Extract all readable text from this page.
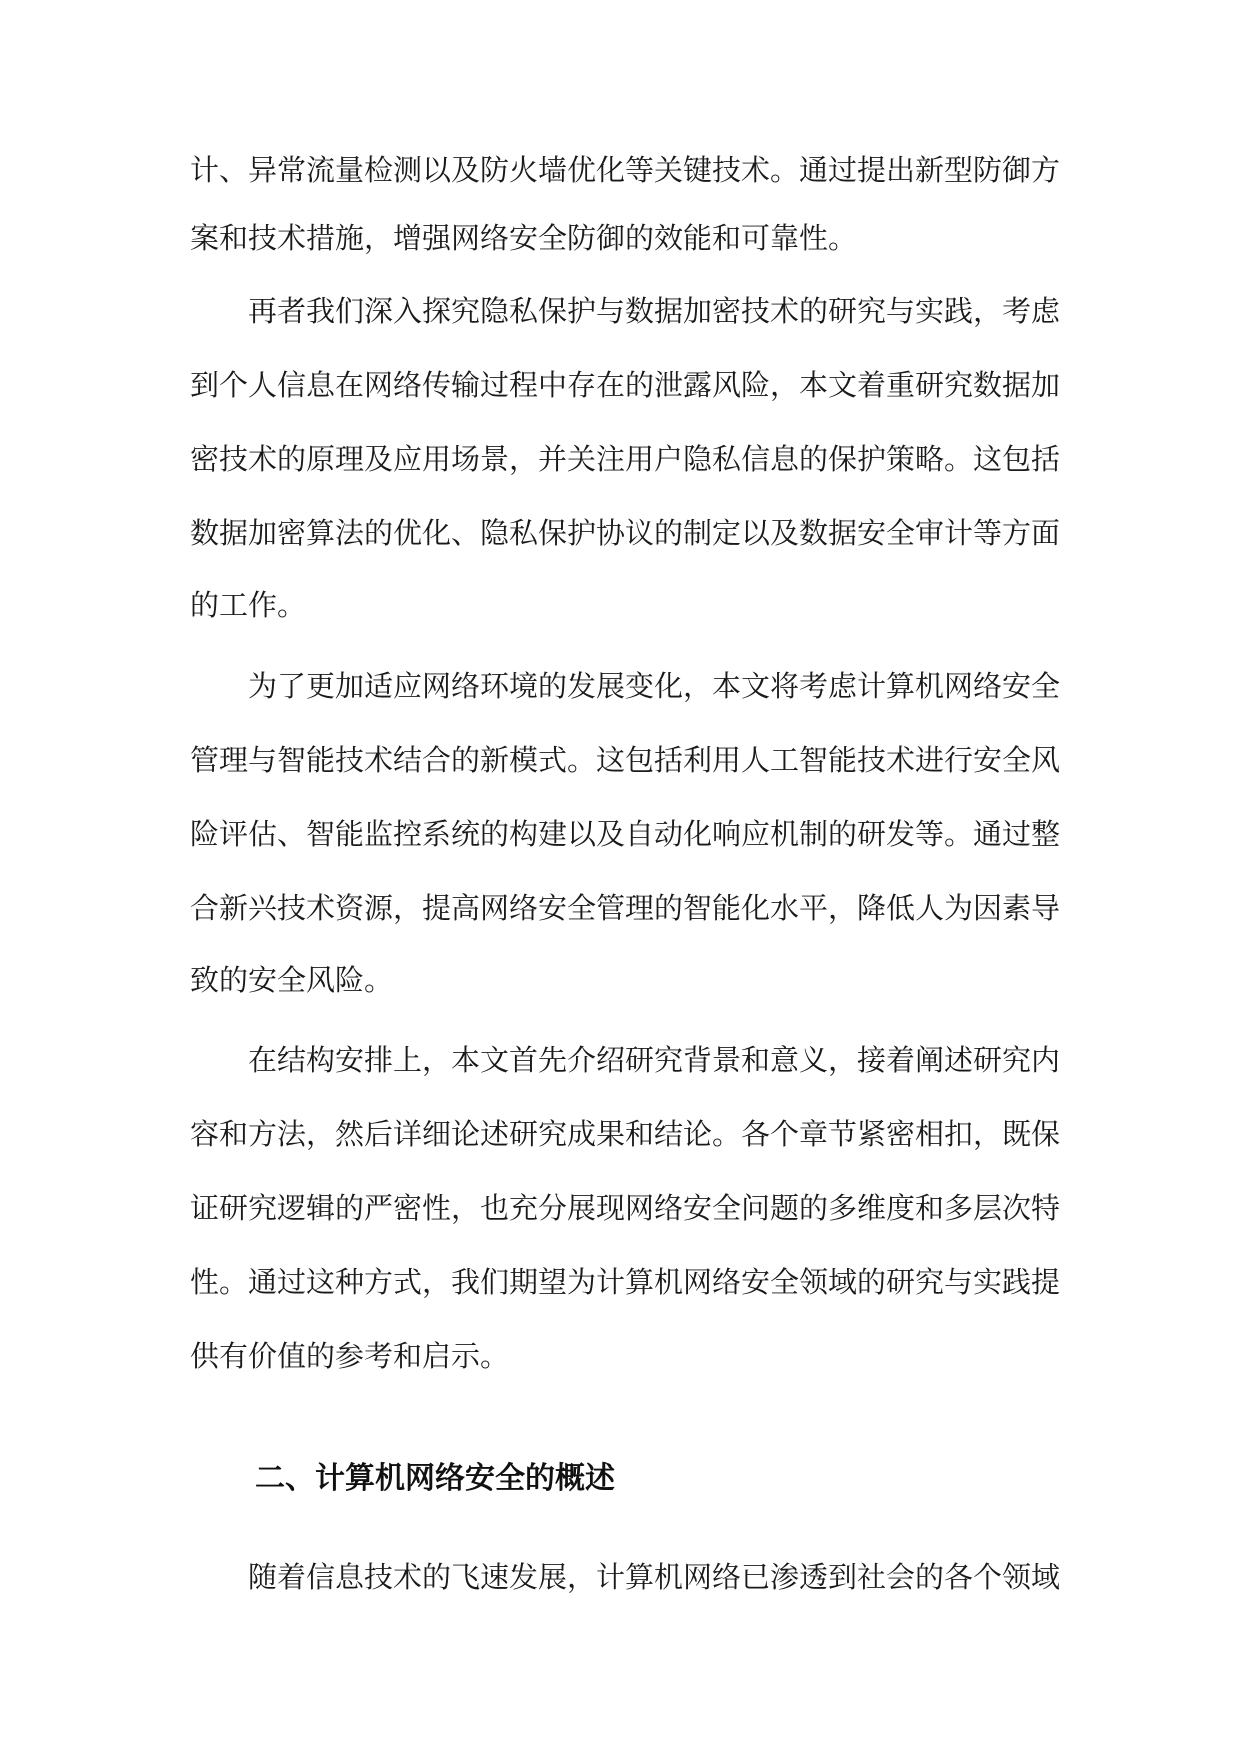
计、异常流量检测以及防火墙优化等关键技术。通过提出新型防御方
案和技术措施，增强网络安全防御的效能和可靠性。
再者我们深入探究隐私保护与数据加密技术的研究与实践，考虑
到个人信息在网络传输过程中存在的泄露风险，本文着重研究数据加
密技术的原理及应用场景，并关注用户隐私信息的保护策略。这包括
数据加密算法的优化、隐私保护协议的制定以及数据安全审计等方面
的工作。
为了更加适应网络环境的发展变化，本文将考虑计算机网络安全
管理与智能技术结合的新模式。这包括利用人工智能技术进行安全风
险评估、智能监控系统的构建以及自动化响应机制的研发等。通过整
合新兴技术资源，提高网络安全管理的智能化水平，降低人为因素导
致的安全风险。
在结构安排上，本文首先介绍研究背景和意义，接着阐述研究内
容和方法，然后详细论述研究成果和结论。各个章节紧密相扣，既保
证研究逻辑的严密性，也充分展现网络安全问题的多维度和多层次特
性。通过这种方式，我们期望为计算机网络安全领域的研究与实践提
供有价值的参考和启示。
二、计算机网络安全的概述
随着信息技术的飞速发展，计算机网络已渗透到社会的各个领域
